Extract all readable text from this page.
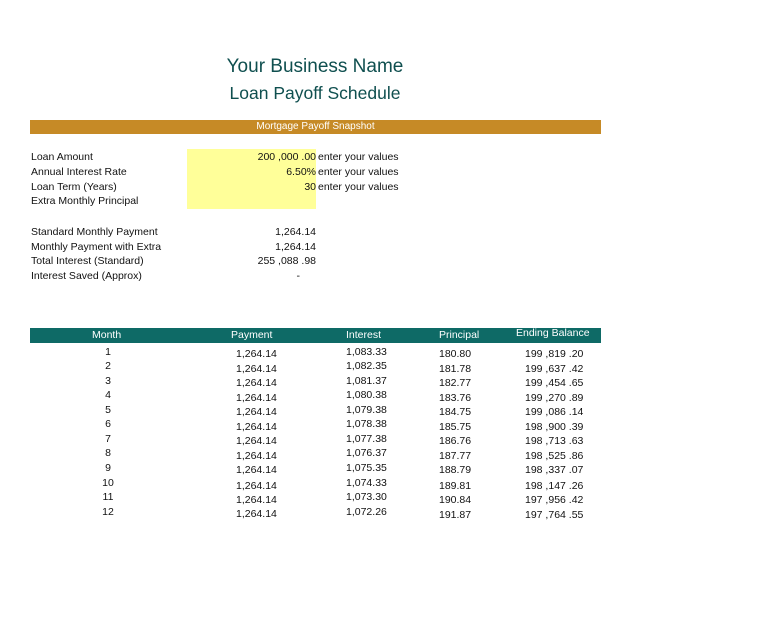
Your Business Name
Loan Payoff Schedule
Mortgage Payoff Snapshot
Loan Amount	200 ,000 .00 enter your values
Annual Interest Rate	6.50% enter your values
Loan Term (Years)	30 enter your values
Extra Monthly Principal
Standard Monthly Payment	1,264.14
Monthly Payment with Extra	1,264.14
Total Interest (Standard)	255 ,088 .98
Interest Saved (Approx)	-
Month	Payment	Interest	Principal	Ending Balance
1	1,264.14	1,083.33	180.80	199 ,819 .20
2	1,264.14	1,082.35	181.78	199 ,637 .42
3	1,264.14	1,081.37	182.77	199 ,454 .65
4	1,264.14	1,080.38	183.76	199 ,270 .89
5	1,264.14	1,079.38	184.75	199 ,086 .14
6	1,264.14	1,078.38	185.75	198 ,900 .39
7	1,264.14	1,077.38	186.76	198 ,713 .63
8	1,264.14	1,076.37	187.77	198 ,525 .86
9	1,264.14	1,075.35	188.79	198 ,337 .07
10	1,264.14	1,074.33	189.81	198 ,147 .26
11	1,264.14	1,073.30	190.84	197 ,956 .42
12	1,264.14	1,072.26	191.87	197 ,764 .55
